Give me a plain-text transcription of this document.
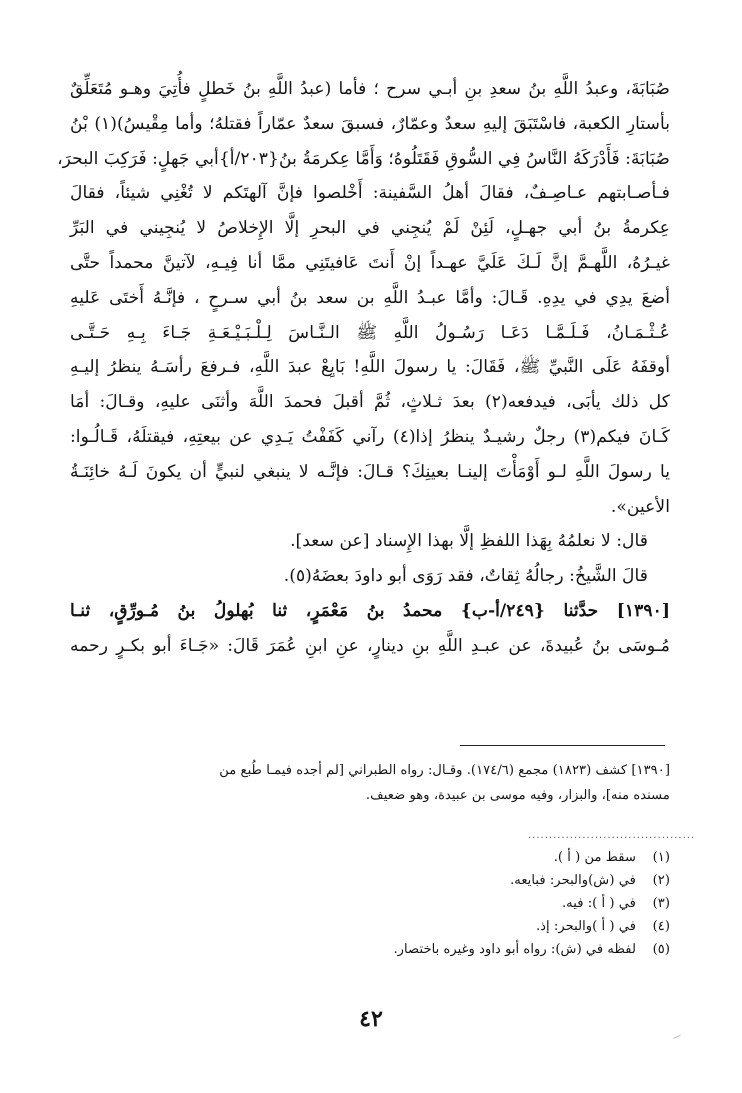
صُبَابَةَ، وعبدُ اللَّهِ بنُ سعدِ بنِ أبـي سرح ؛ فأما (عبدُ اللَّهِ بنُ خَطلٍ فأُتِيَ وهـو مُتَعَلِّقٌ

بأستارِ الكعبة، فاسْتَبَقَ إليهِ سعدٌ وعمّارٌ، فسبقَ سعدٌ عمّاراً فقتلهُ؛ وأما مِقْيسُ)(١) بْنُ

صُبَابَةَ: فَأَدْرَكَهُ النَّاسُ فِي السُّوقِ فَقَتَلُوهُ؛ وَأَمَّا عِكرمَةُ بنُ{٢٠٣/أ}أبي جَهلٍ: فَرَكِبَ البحرَ،

فـأصـابتهم عـاصِـفٌ، فقالَ أهلُ السَّفينة: أَخْلصوا فإنَّ آلهتَكم لا تُغْنِي شيئاً، فقالَ

عِكرمةُ بنُ أبي جهـلٍ، لَئِنْ لَمْ يُنجِني في البحرِ إلَّا الإِخلاصُ لا يُنجِيني في البَرِّ

غيـرُهُ، اللَّهـمَّ إنَّ لَـكَ عَلَيَّ عهـداً إنْ أَنتَ عَافيتَنِي ممَّا أنا فِيـهِ، لآتينَّ محمداً حتَّى

أضعَ يدِي في يدِهِ. قَـالَ: وأمَّا عبـدُ اللَّهِ بن سعد بنُ أبي سـرحٍ ، فإنَّـهُ أَختَى عَليهِ

عُـثْـمَـانُ، فَـلَـمَّـا دَعَـا رَسُـولُ اللَّهِ ﷺ الـنَّـاسَ لِـلْـبَـيْـعَـةِ جَـاءَ بِـهِ حَـتَّـى

أوقفَهُ عَلَى النَّبيِّ ﷺ، فَقَالَ: يا رسولَ اللَّهِ! بَايِعْ عبدَ اللَّهِ، فـرفعَ رأسَـهُ ينظرُ إليـهِ

كل ذلك يأبَى، فيدفعه(٢) بعدَ ثـلاثٍ، ثُمَّ أقبلَ فحمدَ اللَّهَ وأثنَى عليهِ، وقـالَ: أمَا

كَـانَ فيكم(٣) رجلٌ رشيـدٌ ينظرُ إذا(٤) رآني كَفَفْتُ يَـدِي عن بيعتِهِ، فيقتلَهُ، قَـالُـوا:

يا رسولَ اللَّهِ لـو أَوْمَأْتَ إلينـا بعينِكَ؟ قـالَ: فإنَّـه لا ينبغي لنبيٍّ أن يكونَ لَـهُ خائِنَـةُ

الأعين».

قال: لا نعلمُهُ بِهَذا اللفظِ إلَّا بهذا الإِسناد [عن سعد].

قالَ الشَّيخُ: رجالُهُ ثِقاتٌ، فقد رَوَى أبو داودَ بعضَهُ(٥).

[١٣٩٠] حدَّثنا {٢٤٩/أ-ب} محمدُ بنُ مَعْمَرٍ، ثنا بُهلولُ بنُ مُـورِّقٍ، ثنـا

مُـوسَى بنُ عُبيدةَ، عن عبـدِ اللَّهِ بنِ دينارٍ، عنِ ابنِ عُمَرَ قَالَ: «جَـاءَ أبو بكـرٍ رحمه

[١٣٩٠] كشف (١٨٢٣) مجمع (١٧٤/٦). وقـال: رواه الطبراني [لم أجده فيمـا طُبع من
مسنده منه]، والبزار، وفيه موسى بن عبيدة، وهو ضعيف.
........................................
(١)سقط من ( أ ).
(٢)في (ش)والبحر: فبايعه.
(٣)في ( أ ): فيه.
(٤)في ( أ )والبحر: إذ.
(٥)لفظه في (ش): رواه أبو داود وغيره باختصار.
٤٢
